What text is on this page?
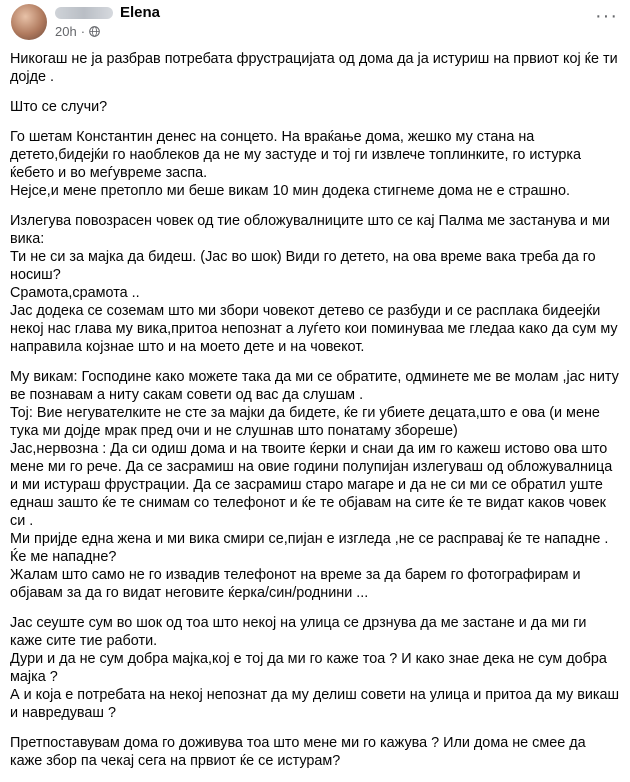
Elena
20h ·
···

Никогаш не ја разбрав потребата фрустрацијата од дома да ја истуриш на првиот кој ќе ти дојде .

Што се случи?

Го шетам Константин денес на сонцето. На враќање дома, жешко му стана на детето,бидејќи го наоблеков да не му застуде и тој ги извлече топлинките, го истурка ќебето и во меѓувреме заспа.
Нејсе,и мене претопло ми беше викам 10 мин додека стигнеме дома не е страшно.

Излегува повозрасен човек од тие обложувалниците што се кај Палма ме застанува и ми вика:
Ти не си за мајка да бидеш. (Јас во шок) Види го детето, на ова време вака треба да го носиш?
Срамота,срамота ..
Јас додека се соземам што ми збори човекот детево се разбуди и се расплака бидеејќи некој нас глава му вика,притоа непознат а луѓето кои поминуваа ме гледаа како да сум му направила којзнае што и на моето дете и на човекот.

Му викам: Господине како можете така да ми се обратите, одминете ме ве молам ,јас ниту ве познавам а ниту сакам совети од вас да слушам .
Тој: Вие негувателките не сте за мајки да бидете, ќе ги убиете децата,што е ова (и мене тука ми дојде мрак пред очи и не слушнав што понатаму збореше)
Јас,нервозна : Да си одиш дома и на твоите ќерки и снаи да им го кажеш истово ова што мене ми го рече. Да се засрамиш на овие години полупијан излегуваш од обложувалница и ми истураш фрустрации. Да се засрамиш старо магаре и да не си ми се обратил уште еднаш зашто ќе те снимам со телефонот и ќе те објавам на сите ќе те видат каков човек си .
Ми пријде една жена и ми вика смири се,пијан е изгледа ,не се расправај ќе те нападне .
Ќе ме нападне?
Жалам што само не го извадив телефонот на време за да барем го фотографирам и објавам за да го видат неговите ќерка/син/роднини ...

Јас сеуште сум во шок од тоа што некој на улица се дрзнува да ме застане и да ми ги каже сите тие работи.
Дури и да не сум добра мајка,кој е тој да ми го каже тоа ? И како знае дека не сум добра мајка ?
А и која е потребата на некој непознат да му делиш совети на улица и притоа да му викаш и навредуваш ?

Претпоставувам дома го доживува тоа што мене ми го кажува ? Или дома не смее да каже збор па чекај сега на првиот ќе се истурам?
